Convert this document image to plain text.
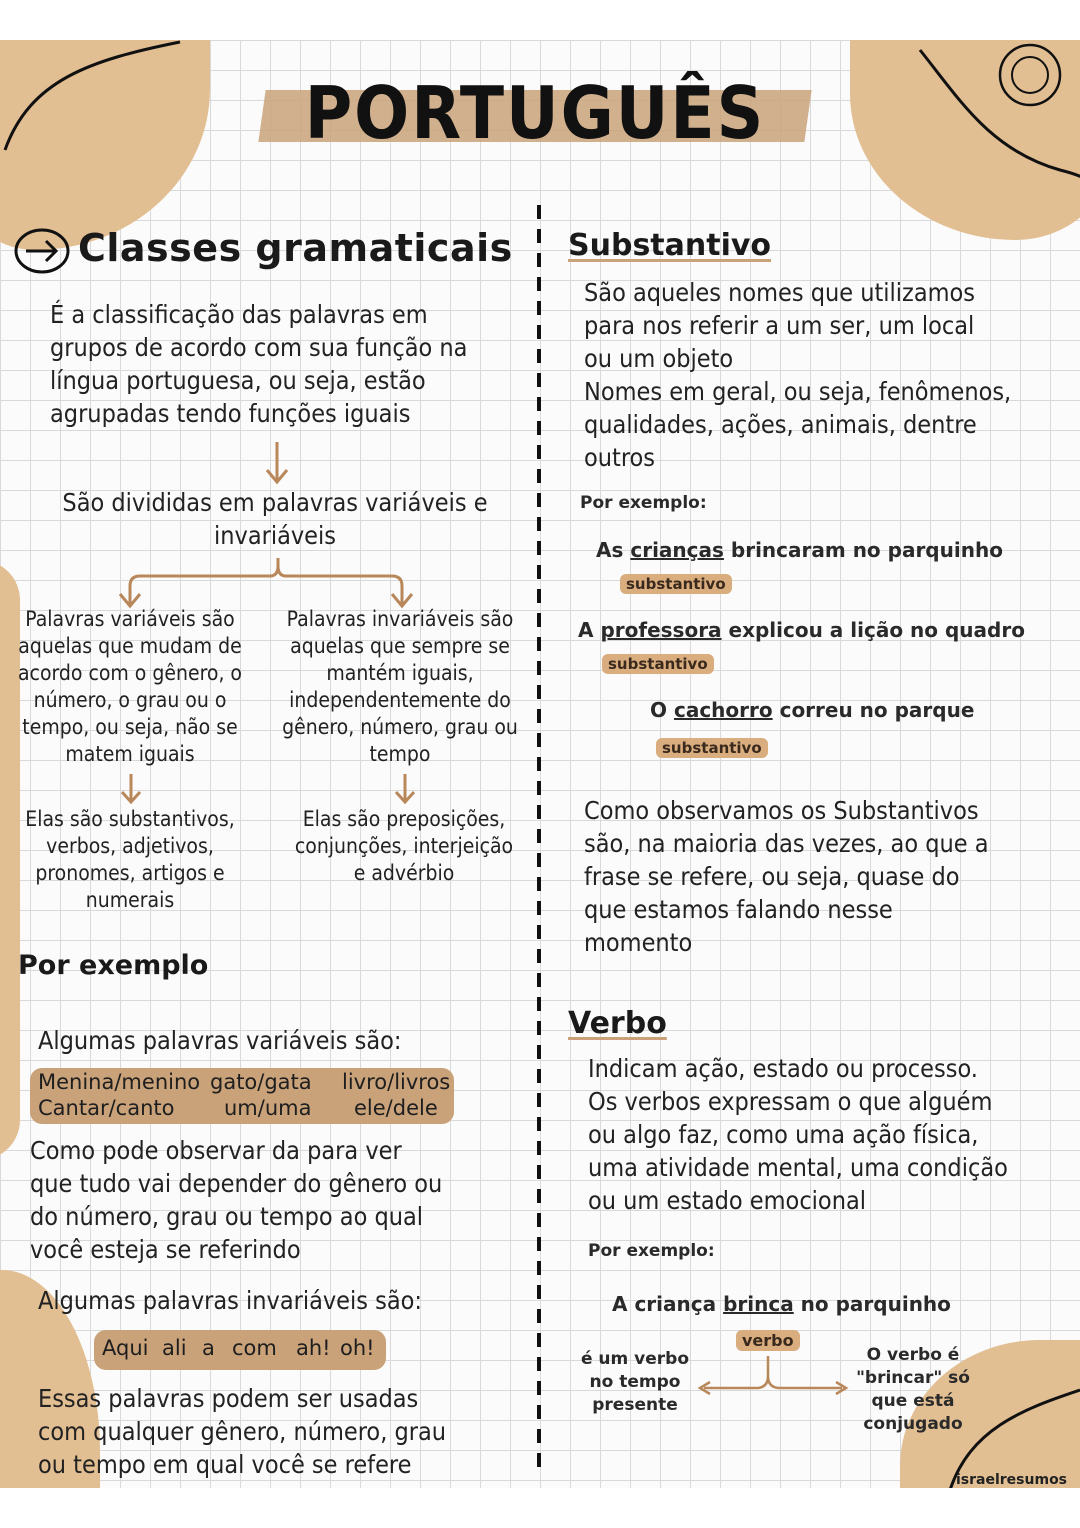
PORTUGUÊS
Classes gramaticais
É a classificação das palavras em
grupos de acordo com sua função na
língua portuguesa, ou seja, estão
agrupadas tendo funções iguais
São divididas em palavras variáveis e
invariáveis
Palavras variáveis são
aquelas que mudam de
acordo com o gênero, o
número, o grau ou o
tempo, ou seja, não se
matem iguais
Palavras invariáveis são
aquelas que sempre se
mantém iguais,
independentemente do
gênero, número, grau ou
tempo
Elas são substantivos,
verbos, adjetivos,
pronomes, artigos e
numerais
Elas são preposições,
conjunções, interjeição
e advérbio
Por exemplo
Algumas palavras variáveis são:
Menina/menino gato/gata livro/livros
Cantar/canto um/uma ele/dele
Como pode observar da para ver
que tudo vai depender do gênero ou
do número, grau ou tempo ao qual
você esteja se referindo
Algumas palavras invariáveis são:
Aqui ali a com ah! oh!
Essas palavras podem ser usadas
com qualquer gênero, número, grau
ou tempo em qual você se refere
Substantivo
São aqueles nomes que utilizamos
para nos referir a um ser, um local
ou um objeto
Nomes em geral, ou seja, fenômenos,
qualidades, ações, animais, dentre
outros
Por exemplo:
As crianças brincaram no parquinho
substantivo
A professora explicou a lição no quadro
substantivo
O cachorro correu no parque
substantivo
Como observamos os Substantivos
são, na maioria das vezes, ao que a
frase se refere, ou seja, quase do
que estamos falando nesse
momento
Verbo
Indicam ação, estado ou processo.
Os verbos expressam o que alguém
ou algo faz, como uma ação física,
uma atividade mental, uma condição
ou um estado emocional
Por exemplo:
A criança brinca no parquinho
verbo
é um verbo
no tempo
presente
O verbo é
"brincar" só
que está
conjugado
israelresumos
